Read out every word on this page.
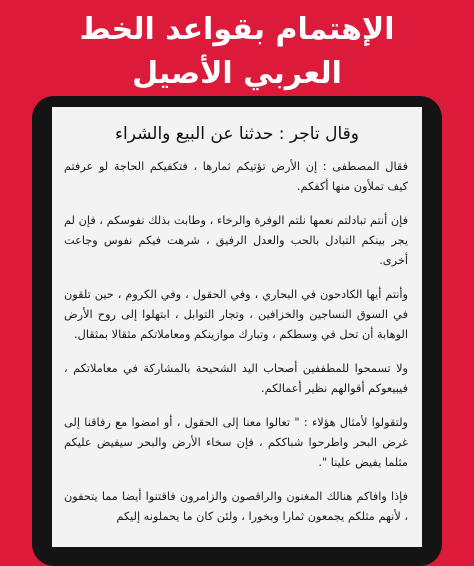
الإهتمام بقواعد الخط
العربي الأصيل
وقال تاجر : حدثنا عن البيع والشراء

فقال المصطفى : إن الأرض تؤتيكم ثمارها ، فتكفيكم الحاجة لو عرفتم كيف تملأون منها أكفكم.

فإن أنتم تبادلتم نعمها نلتم الوفرة والرخاء ، وطابت بذلك نفوسكم ، فإن لم يجر بينكم التبادل بالحب والعدل الرفيق ، شرهت فيكم نفوس وجاعت أخرى.

وأنتم أيها الكادحون في البحاري ، وفي الحقول ، وفي الكروم ، حين تلقون في السوق النساجين والخزافين ، وتجار التوابل ، ابتهلوا إلى روح الأرض الوهابة أن تحل في وسطكم ، وتبارك موازينكم ومعاملاتكم مثقالا بمثقال.

ولا تسمحوا للمطففين أصحاب اليد الشحيحة بالمشاركة في معاملاتكم ، فيبيعوكم أقوالهم نظير أعمالكم.

ولتقولوا لأمثال هؤلاء : " تعالوا معنا إلى الحقول ، أو امضوا مع رفاقنا إلى غرض البحر واطرحوا شباككم ، فإن سخاء الأرض والبحر سيفيض عليكم مثلما يفيض علينا ".

فإذا وافاكم هنالك المغنون والراقصون والزامرون فاقتنوا أيضا مما يتحفون ، لأنهم مثلكم يجمعون ثمارا وبخورا ، ولئن كان ما يحملونه إليكم
